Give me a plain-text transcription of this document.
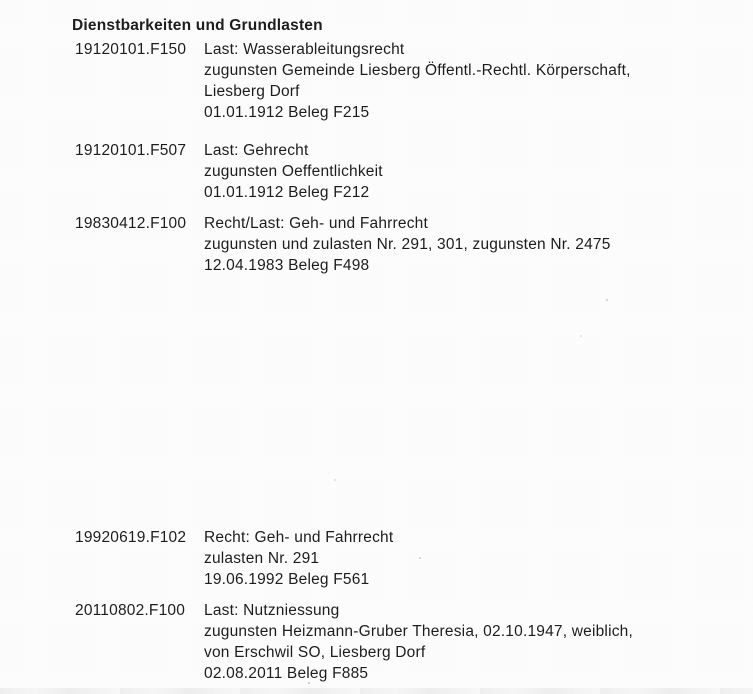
Dienstbarkeiten und Grundlasten
19120101.F150	Last: Wasserableitungsrecht
zugunsten Gemeinde Liesberg Öffentl.-Rechtl. Körperschaft,
Liesberg Dorf
01.01.1912 Beleg F215
19120101.F507	Last: Gehrecht
zugunsten Oeffentlichkeit
01.01.1912 Beleg F212
19830412.F100	Recht/Last: Geh- und Fahrrecht
zugunsten und zulasten Nr. 291, 301, zugunsten Nr. 2475
12.04.1983 Beleg F498
19920619.F102	Recht: Geh- und Fahrrecht
zulasten Nr. 291
19.06.1992 Beleg F561
20110802.F100	Last: Nutzniessung
zugunsten Heizmann-Gruber Theresia, 02.10.1947, weiblich,
von Erschwil SO, Liesberg Dorf
02.08.2011 Beleg F885
